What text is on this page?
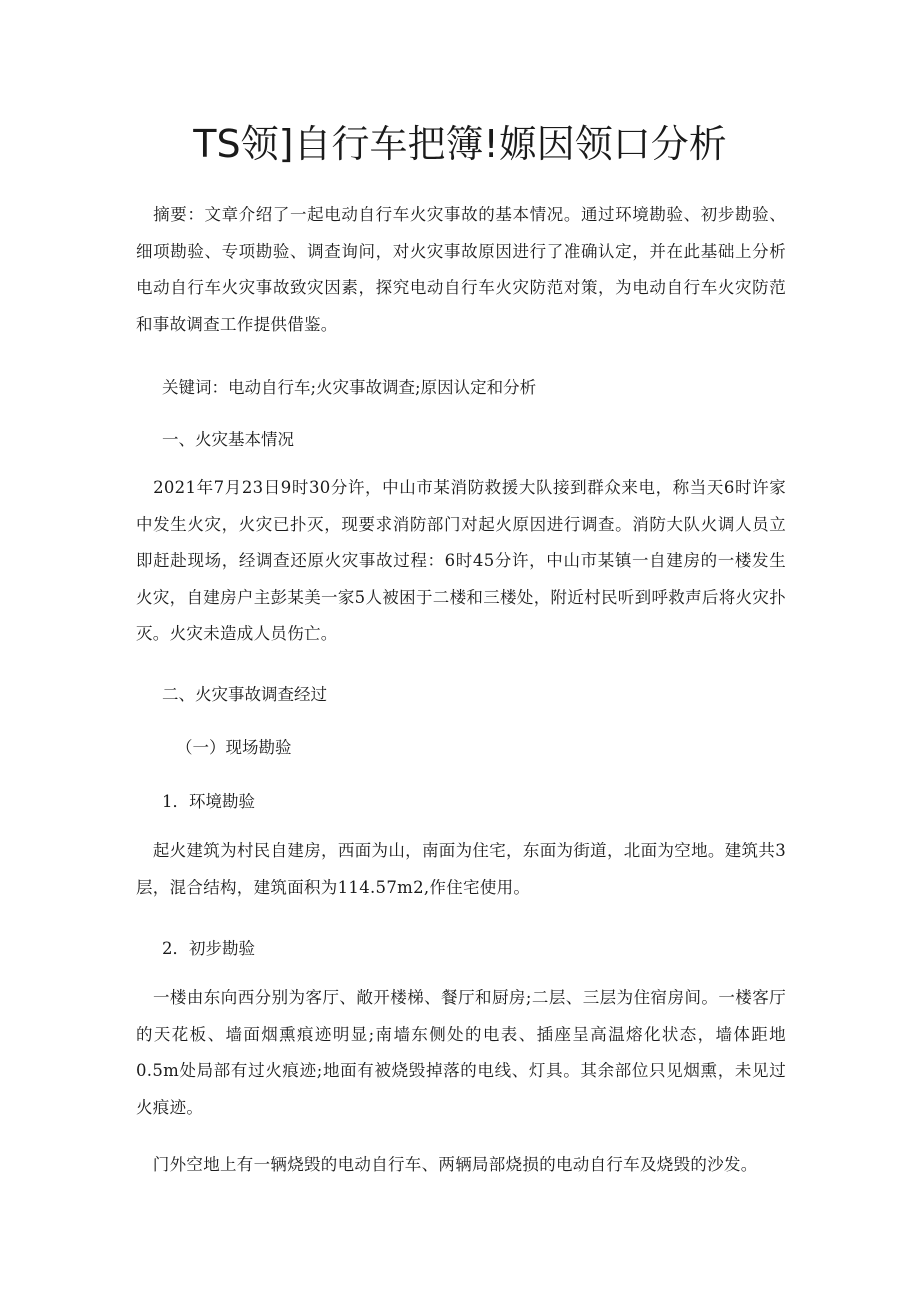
TS领]自行车把簿!嫄因领口分析

　摘要：文章介绍了一起电动自行车火灾事故的基本情况。通过环境勘验、初步勘验、细项勘验、专项勘验、调查询问，对火灾事故原因进行了准确认定，并在此基础上分析电动自行车火灾事故致灾因素，探究电动自行车火灾防范对策，为电动自行车火灾防范和事故调查工作提供借鉴。

关键词：电动自行车;火灾事故调查;原因认定和分析

一、火灾基本情况

　2021年7月23日9时30分许，中山市某消防救援大队接到群众来电，称当天6时许家中发生火灾，火灾已扑灭，现要求消防部门对起火原因进行调查。消防大队火调人员立即赶赴现场，经调查还原火灾事故过程：6时45分许，中山市某镇一自建房的一楼发生火灾，自建房户主彭某美一家5人被困于二楼和三楼处，附近村民听到呼救声后将火灾扑灭。火灾未造成人员伤亡。

二、火灾事故调查经过

（一）现场勘验

1．环境勘验

　起火建筑为村民自建房，西面为山，南面为住宅，东面为街道，北面为空地。建筑共3层，混合结构，建筑面积为114.57m2,作住宅使用。

2．初步勘验

　一楼由东向西分别为客厅、敞开楼梯、餐厅和厨房;二层、三层为住宿房间。一楼客厅的天花板、墙面烟熏痕迹明显;南墙东侧处的电表、插座呈高温熔化状态，墙体距地0.5m处局部有过火痕迹;地面有被烧毁掉落的电线、灯具。其余部位只见烟熏，未见过火痕迹。

　门外空地上有一辆烧毁的电动自行车、两辆局部烧损的电动自行车及烧毁的沙发。
